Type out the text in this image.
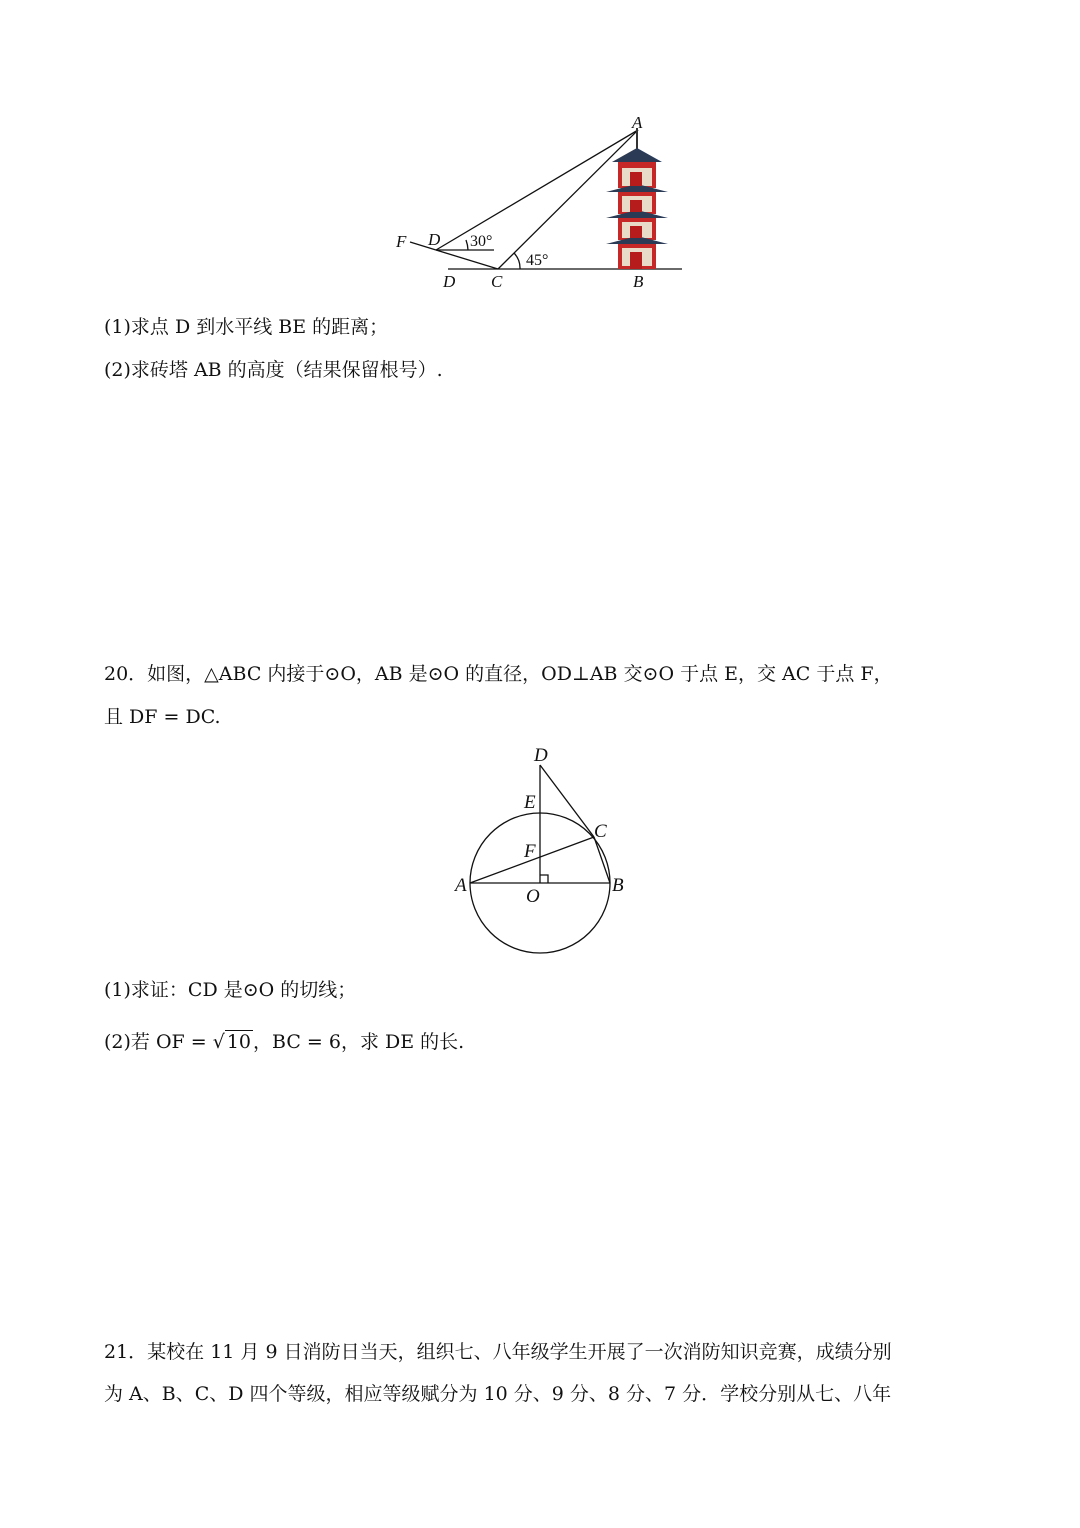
A
B
C
D
D
F	30°
45°
(1)求点 D 到水平线 BE 的距离；
(2)求砖塔 AB 的高度（结果保留根号）.
20．如图，△ABC 内接于⊙O，AB 是⊙O 的直径，OD⊥AB 交⊙O 于点 E，交 AC 于点 F，
且 DF = DC.
D
E
F
C
A	B
O
(1)求证：CD 是⊙O 的切线；
(2)若 OF = √ 10 ，BC = 6，求 DE 的长.
21．某校在 11 月 9 日消防日当天，组织七、八年级学生开展了一次消防知识竞赛，成绩分别
为 A、B、C、D 四个等级，相应等级赋分为 10 分、9 分、8 分、7 分．学校分别从七、八年
